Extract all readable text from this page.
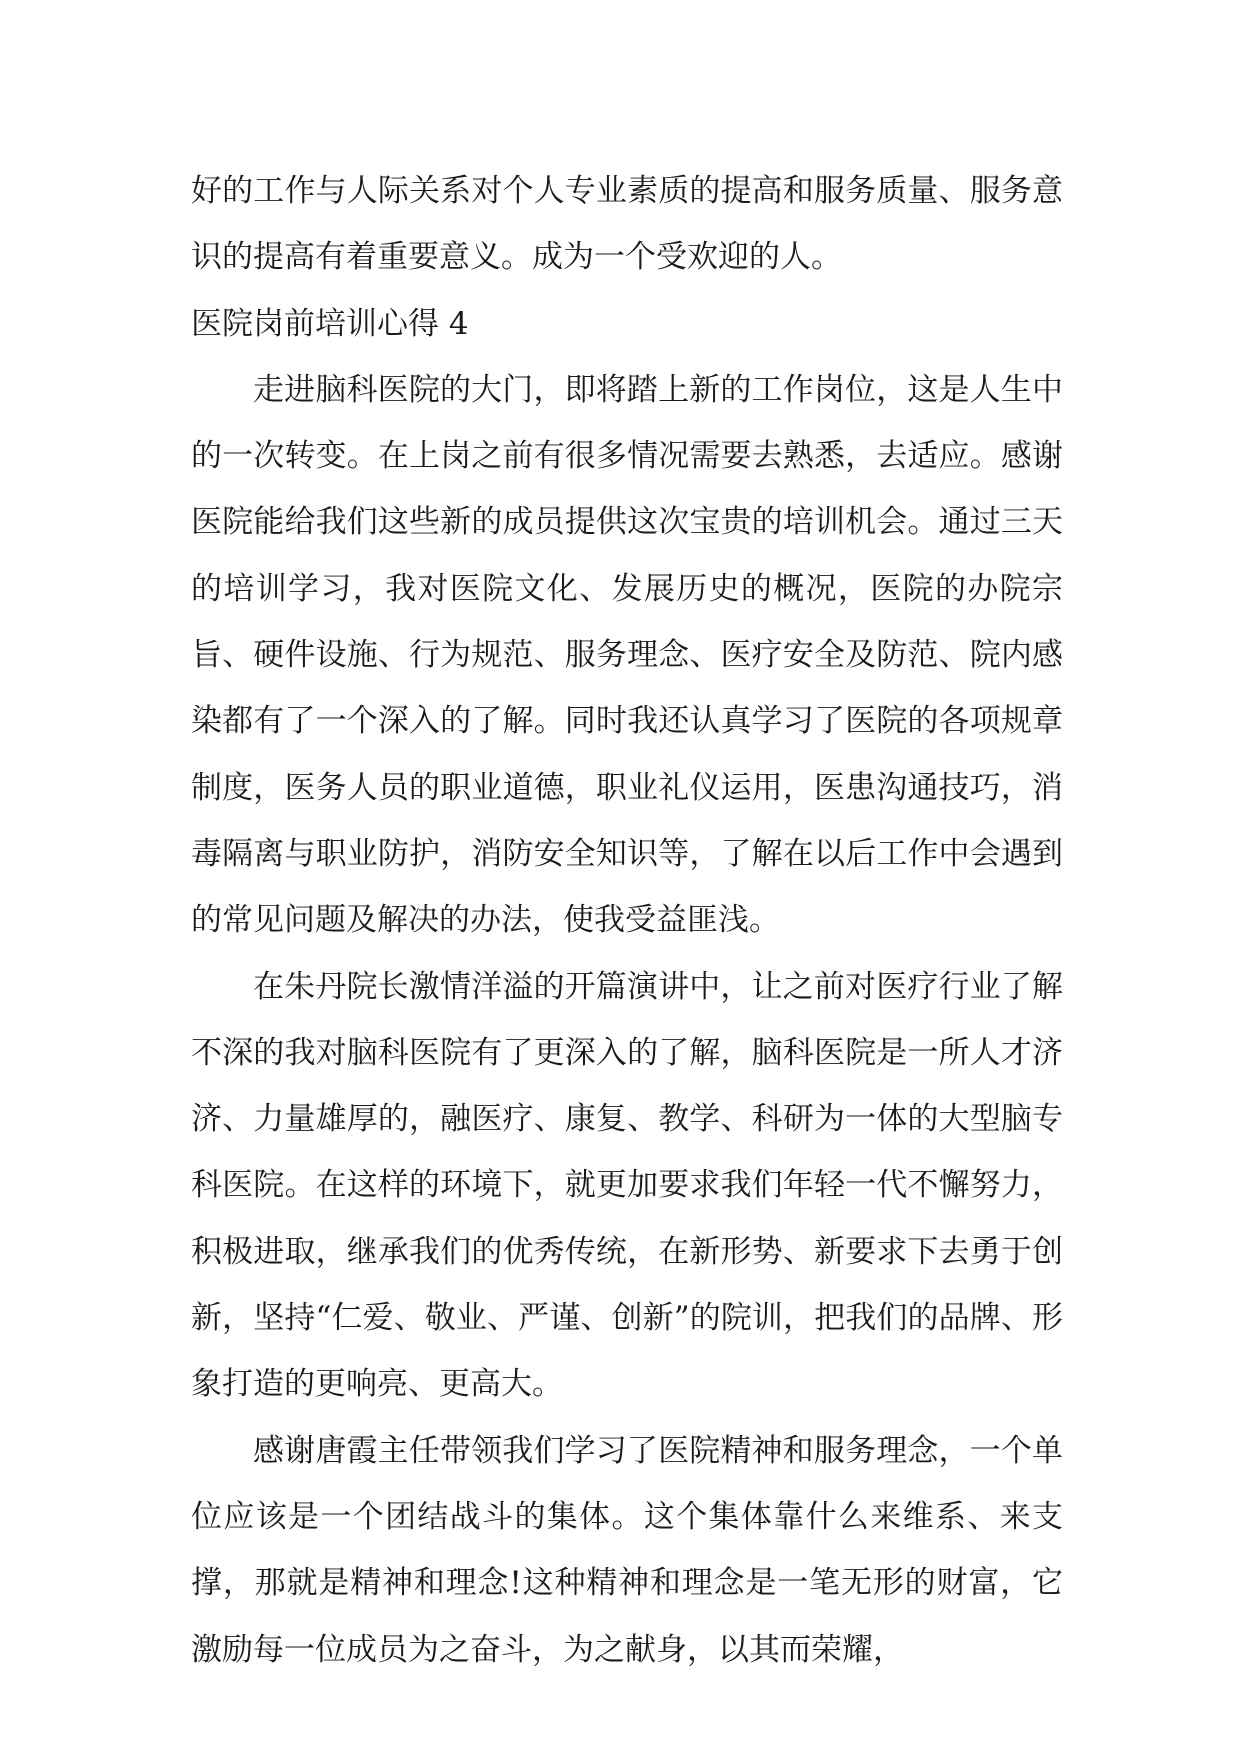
好的工作与人际关系对个人专业素质的提高和服务质量、服务意识的提高有着重要意义。成为一个受欢迎的人。

医院岗前培训心得 4

走进脑科医院的大门，即将踏上新的工作岗位，这是人生中的一次转变。在上岗之前有很多情况需要去熟悉，去适应。感谢医院能给我们这些新的成员提供这次宝贵的培训机会。通过三天的培训学习，我对医院文化、发展历史的概况，医院的办院宗旨、硬件设施、行为规范、服务理念、医疗安全及防范、院内感染都有了一个深入的了解。同时我还认真学习了医院的各项规章制度，医务人员的职业道德，职业礼仪运用，医患沟通技巧，消毒隔离与职业防护，消防安全知识等，了解在以后工作中会遇到的常见问题及解决的办法，使我受益匪浅。

在朱丹院长激情洋溢的开篇演讲中，让之前对医疗行业了解不深的我对脑科医院有了更深入的了解，脑科医院是一所人才济济、力量雄厚的，融医疗、康复、教学、科研为一体的大型脑专科医院。在这样的环境下，就更加要求我们年轻一代不懈努力，积极进取，继承我们的优秀传统，在新形势、新要求下去勇于创新，坚持“仁爱、敬业、严谨、创新”的院训，把我们的品牌、形象打造的更响亮、更高大。

感谢唐霞主任带领我们学习了医院精神和服务理念，一个单位应该是一个团结战斗的集体。这个集体靠什么来维系、来支撑，那就是精神和理念!这种精神和理念是一笔无形的财富，它激励每一位成员为之奋斗，为之献身，以其而荣耀，
